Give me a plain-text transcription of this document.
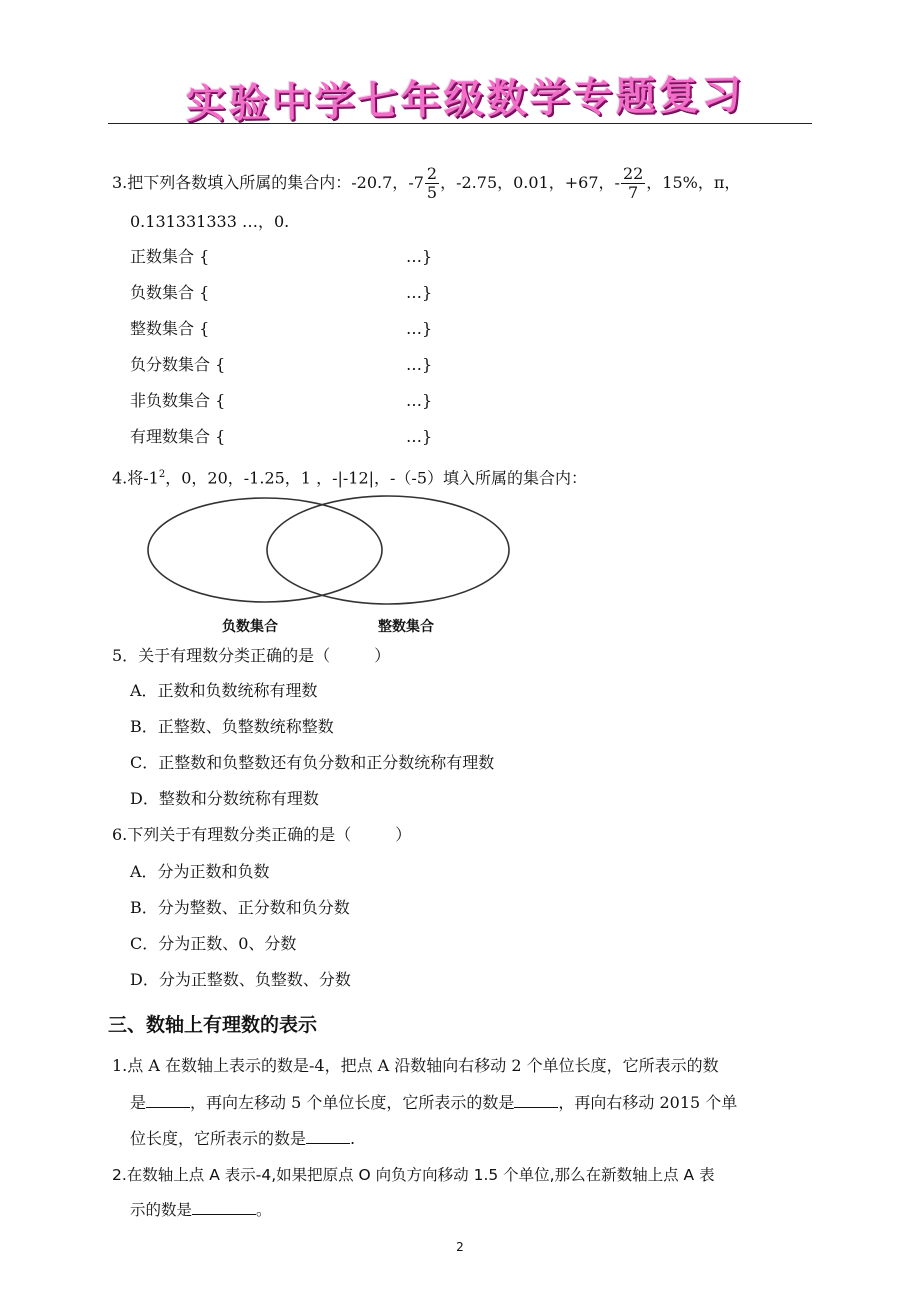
实验中学七年级数学专题复习
3.把下列各数填入所属的集合内：-20.7，$-7 \frac{2}{5}$ ，-2.75，0.01，+67，- $\frac{22}{7}$ ，15%，π，
0.131331333 …，0.
正数集合 {	…}
负数集合 {	…}
整数集合 {	…}
负分数集合 {	…}
非负数集合 {	…}
有理数集合 {	…}
4.将$-1^2$，0，20，-1.25，1 ，-|-12|，-（-5）填入所属的集合内：
负数集合	整数集合
5．关于有理数分类正确的是（	）
A．正数和负数统称有理数
B．正整数、负整数统称整数
C．正整数和负整数还有负分数和正分数统称有理数
D．整数和分数统称有理数
6.下列关于有理数分类正确的是（	）
A．分为正数和负数
B．分为整数、正分数和负分数
C．分为正数、0、分数
D．分为正整数、负整数、分数
三、数轴上有理数的表示
1.点 A 在数轴上表示的数是-4，把点 A 沿数轴向右移动 2 个单位长度，它所表示的数
是	，再向左移动 5 个单位长度，它所表示的数是	，再向右移动 2015 个单
位长度，它所表示的数是	.
2.在数轴上点 A 表示-4,如果把原点 O 向负方向移动 1.5 个单位,那么在新数轴上点 A 表
示的数是	。
2
